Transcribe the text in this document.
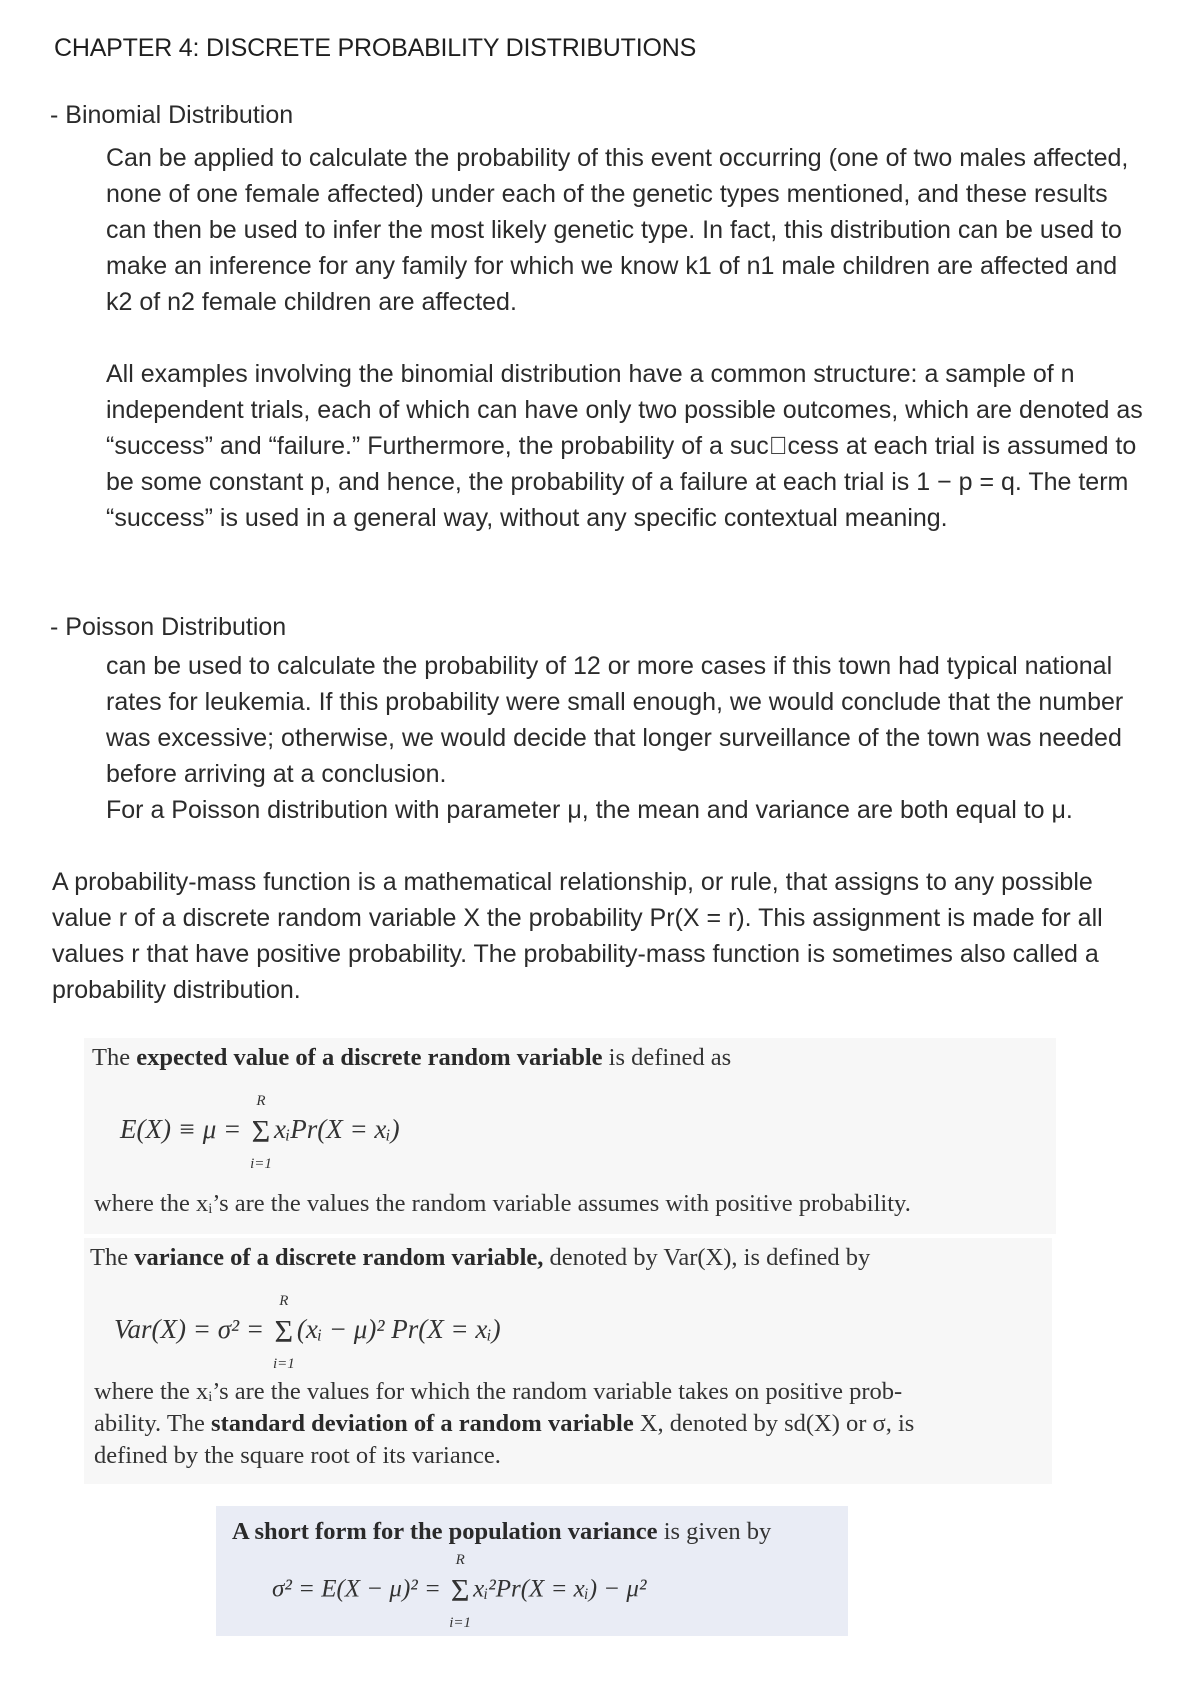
CHAPTER 4: DISCRETE PROBABILITY DISTRIBUTIONS
- Binomial Distribution

Can be applied to calculate the probability of this event occurring (one of two males affected, none of one female affected) under each of the genetic types mentioned, and these results can then be used to infer the most likely genetic type. In fact, this distribution can be used to make an inference for any family for which we know k1 of n1 male children are affected and k2 of n2 female children are affected.

All examples involving the binomial distribution have a common structure: a sample of n independent trials, each of which can have only two possible outcomes, which are denoted as “success” and “failure.” Furthermore, the probability of a suc cess at each trial is assumed to be some constant p, and hence, the probability of a failure at each trial is 1 − p = q. The term “success” is used in a general way, without any specific contextual meaning.

- Poisson Distribution

can be used to calculate the probability of 12 or more cases if this town had typical national rates for leukemia. If this probability were small enough, we would conclude that the number was excessive; otherwise, we would decide that longer surveillance of the town was needed before arriving at a conclusion.

For a Poisson distribution with parameter μ, the mean and variance are both equal to μ.

A probability-mass function is a mathematical relationship, or rule, that assigns to any possible value r of a discrete random variable X the probability Pr(X = r). This assignment is made for all values r that have positive probability. The probability-mass function is sometimes also called a probability distribution.

The expected value of a discrete random variable is defined as

E(X) ≡ μ =
R
Σ
i=1
xᵢPr(X = xᵢ)

where the xᵢ’s are the values the random variable assumes with positive probability.

The variance of a discrete random variable, denoted by Var(X), is defined by

Var(X) = σ² =
R
Σ
i=1
(xᵢ − μ)² Pr(X = xᵢ)

where the xᵢ’s are the values for which the random variable takes on positive prob-

ability. The standard deviation of a random variable X, denoted by sd(X) or σ, is

defined by the square root of its variance.

A short form for the population variance is given by

σ² = E(X − μ)² =
R
Σ
i=1
xᵢ²Pr(X = xᵢ) − μ²
